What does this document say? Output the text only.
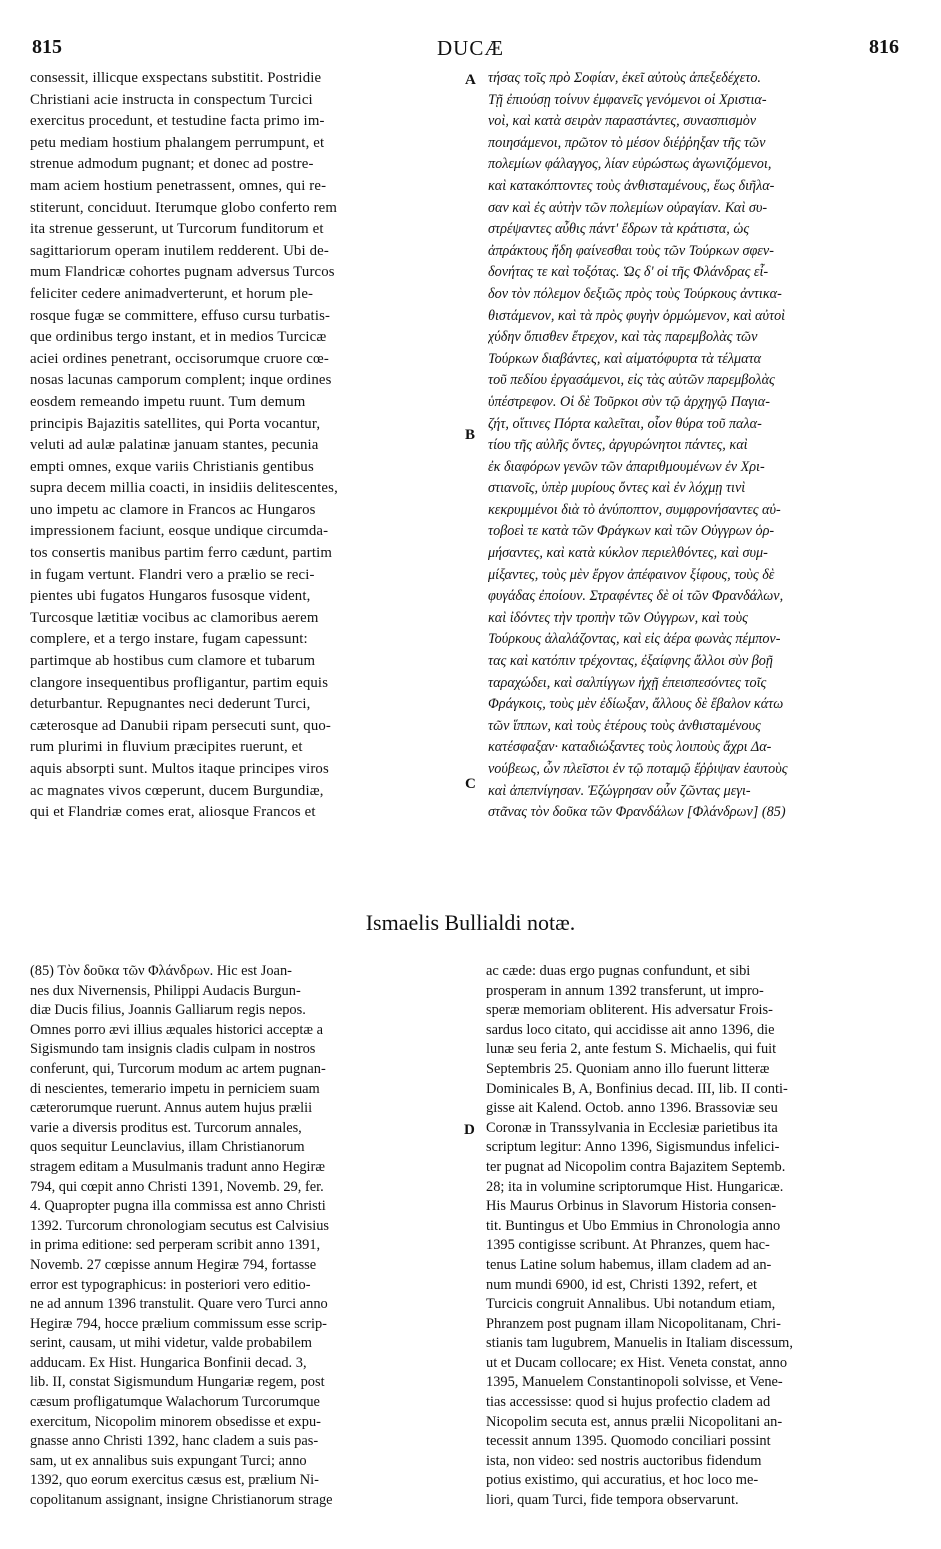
815	DUCÆ	816
consessit, illicque exspectans substitit. Postridie
Christiani acie instructa in conspectum Turcici
exercitus procedunt, et testudine facta primo im-
petu mediam hostium phalangem perrumpunt, et
strenue admodum pugnant; et donec ad postre-
mam aciem hostium penetrassent, omnes, qui re-
stiterunt, conciduut. Iterumque globo conferto rem
ita strenue gesserunt, ut Turcorum funditorum et
sagittariorum operam inutilem redderent. Ubi de-
mum Flandricæ cohortes pugnam adversus Turcos
feliciter cedere animadverterunt, et horum ple-
rosque fugæ se committere, effuso cursu turbatis-
que ordinibus tergo instant, et in medios Turcicæ
aciei ordines penetrant, occisorumque cruore cœ-
nosas lacunas camporum complent; inque ordines
eosdem remeando impetu ruunt. Tum demum
principis Bajazitis satellites, qui Porta vocantur,
veluti ad aulæ palatinæ januam stantes, pecunia
empti omnes, exque variis Christianis gentibus
supra decem millia coacti, in insidiis delitescentes,
uno impetu ac clamore in Francos ac Hungaros
impressionem faciunt, eosque undique circumda-
tos consertis manibus partim ferro cædunt, partim
in fugam vertunt. Flandri vero a prælio se reci-
pientes ubi fugatos Hungaros fusosque vident,
Turcosque lætitiæ vocibus ac clamoribus aerem
complere, et a tergo instare, fugam capessunt:
partimque ab hostibus cum clamore et tubarum
clangore insequentibus profligantur, partim equis
deturbantur. Repugnantes neci dederunt Turci,
cæterosque ad Danubii ripam persecuti sunt, quo-
rum plurimi in fluvium præcipites ruerunt, et
aquis absorpti sunt. Multos itaque principes viros
ac magnates vivos cœperunt, ducem Burgundiæ,
qui et Flandriæ comes erat, aliosque Francos et
τήσας τοῖς πρὸ Σοφίαν, ἐκεῖ αὐτοὺς ἀπεξεδέχετο.
Τῇ ἐπιούσῃ τοίνυν ἐμφανεῖς γενόμενοι οἱ Χριστια-
νοὶ, καὶ κατὰ σειρὰν παραστάντες, συνασπισμὸν
ποιησάμενοι, πρῶτον τὸ μέσον διέῤῥηξαν τῆς τῶν
πολεμίων φάλαγγος, λίαν εὐρώστως ἀγωνιζόμενοι,
καὶ κατακόπτοντες τοὺς ἀνθισταμένους, ἕως διῆλα-
σαν καὶ ἐς αὐτὴν τῶν πολεμίων οὐραγίαν. Καὶ συ-
στρέψαντες αὖθις πάντ' ἔδρων τὰ κράτιστα, ὡς
ἀπράκτους ἤδη φαίνεσθαι τοὺς τῶν Τούρκων σφεν-
δονήτας τε καὶ τοξότας. Ὡς δ' οἱ τῆς Φλάνδρας εἶ-
δον τὸν πόλεμον δεξιῶς πρὸς τοὺς Τούρκους ἀντικα-
θιστάμενον, καὶ τὰ πρὸς φυγὴν ὁρμώμενον, καὶ αὐτοὶ
χύδην ὄπισθεν ἔτρεχον, καὶ τὰς παρεμβολὰς τῶν
Τούρκων διαβάντες, καὶ αἱματόφυρτα τὰ τέλματα
τοῦ πεδίου ἐργασάμενοι, εἰς τὰς αὐτῶν παρεμβολὰς
ὑπέστρεφον. Οἱ δὲ Τοῦρκοι σὺν τῷ ἀρχηγῷ Παγια-
ζήτ, οἵτινες Πόρτα καλεῖται, οἷον θύρα τοῦ παλα-
τίου τῆς αὐλῆς ὄντες, ἀργυρώνητοι πάντες, καὶ
ἐκ διαφόρων γενῶν τῶν ἀπαριθμουμένων ἐν Χρι-
στιανοῖς, ὑπὲρ μυρίους ὄντες καὶ ἐν λόχμῃ τινὶ
κεκρυμμένοι διὰ τὸ ἀνύποπτον, συμφρονήσαντες αὐ-
τοβοεὶ τε κατὰ τῶν Φράγκων καὶ τῶν Οὐγγρων ὁρ-
μήσαντες, καὶ κατὰ κύκλον περιελθόντες, καὶ συμ-
μίξαντες, τοὺς μὲν ἔργον ἀπέφαινον ξίφους, τοὺς δὲ
φυγάδας ἐποίουν. Στραφέντες δὲ οἱ τῶν Φρανδάλων,
καὶ ἰδόντες τὴν τροπὴν τῶν Οὐγγρων, καὶ τοὺς
Τούρκους ἀλαλάζοντας, καὶ εἰς ἀέρα φωνὰς πέμπον-
τας καὶ κατόπιν τρέχοντας, ἐξαίφνης ἄλλοι σὺν βοῇ
ταραχώδει, καὶ σαλπίγγων ἠχῇ ἐπεισπεσόντες τοῖς
Φράγκοις, τοὺς μὲν ἐδίωξαν, ἄλλους δὲ ἔβαλον κάτω
τῶν ἵππων, καὶ τοὺς ἑτέρους τοὺς ἀνθισταμένους
κατέσφαξαν· καταδιώξαντες τοὺς λοιποὺς ἄχρι Δα-
νούβεως, ὧν πλεῖστοι ἐν τῷ ποταμῷ ἔῤῥιψαν ἑαυτοὺς
καὶ ἀπεπνίγησαν. Ἐζώγρησαν οὖν ζῶντας μεγι-
στᾶνας τὸν δοῦκα τῶν Φρανδάλων [Φλάνδρων] (85)
A
B
C
D
Ismaelis Bullialdi notæ.
(85) Τὸν δοῦκα τῶν Φλάνδρων. Hic est Joan-
nes dux Nivernensis, Philippi Audacis Burgun-
diæ Ducis filius, Joannis Galliarum regis nepos.
Omnes porro ævi illius æquales historici acceptæ a
Sigismundo tam insignis cladis culpam in nostros
conferunt, qui, Turcorum modum ac artem pugnan-
di nescientes, temerario impetu in perniciem suam
cæterorumque ruerunt. Annus autem hujus prælii
varie a diversis proditus est. Turcorum annales,
quos sequitur Leunclavius, illam Christianorum
stragem editam a Musulmanis tradunt anno Hegiræ
794, qui cœpit anno Christi 1391, Novemb. 29, fer.
4. Quapropter pugna illa commissa est anno Christi
1392. Turcorum chronologiam secutus est Calvisius
in prima editione: sed perperam scribit anno 1391,
Novemb. 27 cœpisse annum Hegiræ 794, fortasse
error est typographicus: in posteriori vero editio-
ne ad annum 1396 transtulit. Quare vero Turci anno
Hegiræ 794, hocce prælium commissum esse scrip-
serint, causam, ut mihi videtur, valde probabilem
adducam. Ex Hist. Hungarica Bonfinii decad. 3,
lib. II, constat Sigismundum Hungariæ regem, post
cæsum profligatumque Walachorum Turcorumque
exercitum, Nicopolim minorem obsedisse et expu-
gnasse anno Christi 1392, hanc cladem a suis pas-
sam, ut ex annalibus suis expungant Turci; anno
1392, quo eorum exercitus cæsus est, prælium Ni-
copolitanum assignant, insigne Christianorum strage
ac cæde: duas ergo pugnas confundunt, et sibi
prosperam in annum 1392 transferunt, ut impro-
speræ memoriam obliterent. His adversatur Frois-
sardus loco citato, qui accidisse ait anno 1396, die
lunæ seu feria 2, ante festum S. Michaelis, qui fuit
Septembris 25. Quoniam anno illo fuerunt litteræ
Dominicales B, A, Bonfinius decad. III, lib. II conti-
gisse ait Kalend. Octob. anno 1396. Brassoviæ seu
Coronæ in Transsylvania in Ecclesiæ parietibus ita
scriptum legitur: Anno 1396, Sigismundus infelici-
ter pugnat ad Nicopolim contra Bajazitem Septemb.
28; ita in volumine scriptorumque Hist. Hungaricæ.
His Maurus Orbinus in Slavorum Historia consen-
tit. Buntingus et Ubo Emmius in Chronologia anno
1395 contigisse scribunt. At Phranzes, quem hac-
tenus Latine solum habemus, illam cladem ad an-
num mundi 6900, id est, Christi 1392, refert, et
Turcicis congruit Annalibus. Ubi notandum etiam,
Phranzem post pugnam illam Nicopolitanam, Chri-
stianis tam lugubrem, Manuelis in Italiam discessum,
ut et Ducam collocare; ex Hist. Veneta constat, anno
1395, Manuelem Constantinopoli solvisse, et Vene-
tias accessisse: quod si hujus profectio cladem ad
Nicopolim secuta est, annus prælii Nicopolitani an-
tecessit annum 1395. Quomodo conciliari possint
ista, non video: sed nostris auctoribus fidendum
potius existimo, qui accuratius, et hoc loco me-
liori, quam Turci, fide tempora observarunt.
